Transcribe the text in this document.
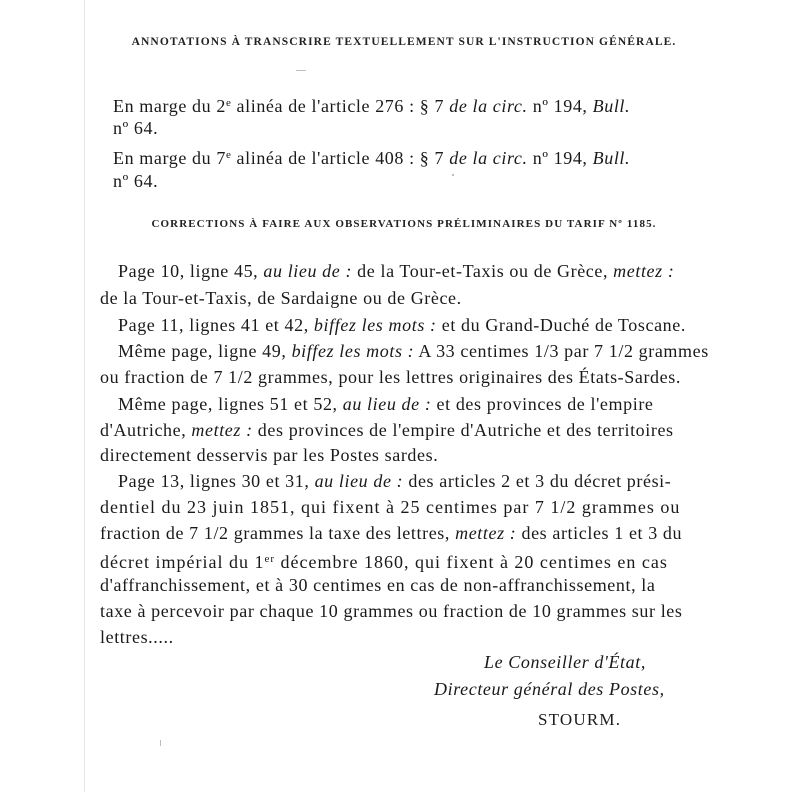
ANNOTATIONS À TRANSCRIRE TEXTUELLEMENT SUR L'INSTRUCTION GÉNÉRALE.
En marge du 2e alinéa de l'article 276 : § 7 de la circ. nº 194, Bull.
nº 64.
En marge du 7e alinéa de l'article 408 : § 7 de la circ. nº 194, Bull.
nº 64.
CORRECTIONS À FAIRE AUX OBSERVATIONS PRÉLIMINAIRES DU TARIF Nº 1185.
Page 10, ligne 45, au lieu de : de la Tour-et-Taxis ou de Grèce, mettez :
de la Tour-et-Taxis, de Sardaigne ou de Grèce.
Page 11, lignes 41 et 42, biffez les mots : et du Grand-Duché de Toscane.
Même page, ligne 49, biffez les mots : A 33 centimes 1/3 par 7 1/2 grammes
ou fraction de 7 1/2 grammes, pour les lettres originaires des États-Sardes.
Même page, lignes 51 et 52, au lieu de : et des provinces de l'empire
d'Autriche, mettez : des provinces de l'empire d'Autriche et des territoires
directement desservis par les Postes sardes.
Page 13, lignes 30 et 31, au lieu de : des articles 2 et 3 du décret prési-
dentiel du 23 juin 1851, qui fixent à 25 centimes par 7 1/2 grammes ou
fraction de 7 1/2 grammes la taxe des lettres, mettez : des articles 1 et 3 du
décret impérial du 1er décembre 1860, qui fixent à 20 centimes en cas
d'affranchissement, et à 30 centimes en cas de non-affranchissement, la
taxe à percevoir par chaque 10 grammes ou fraction de 10 grammes sur les
lettres.....
Le Conseiller d'État,
Directeur général des Postes,
STOURM.
